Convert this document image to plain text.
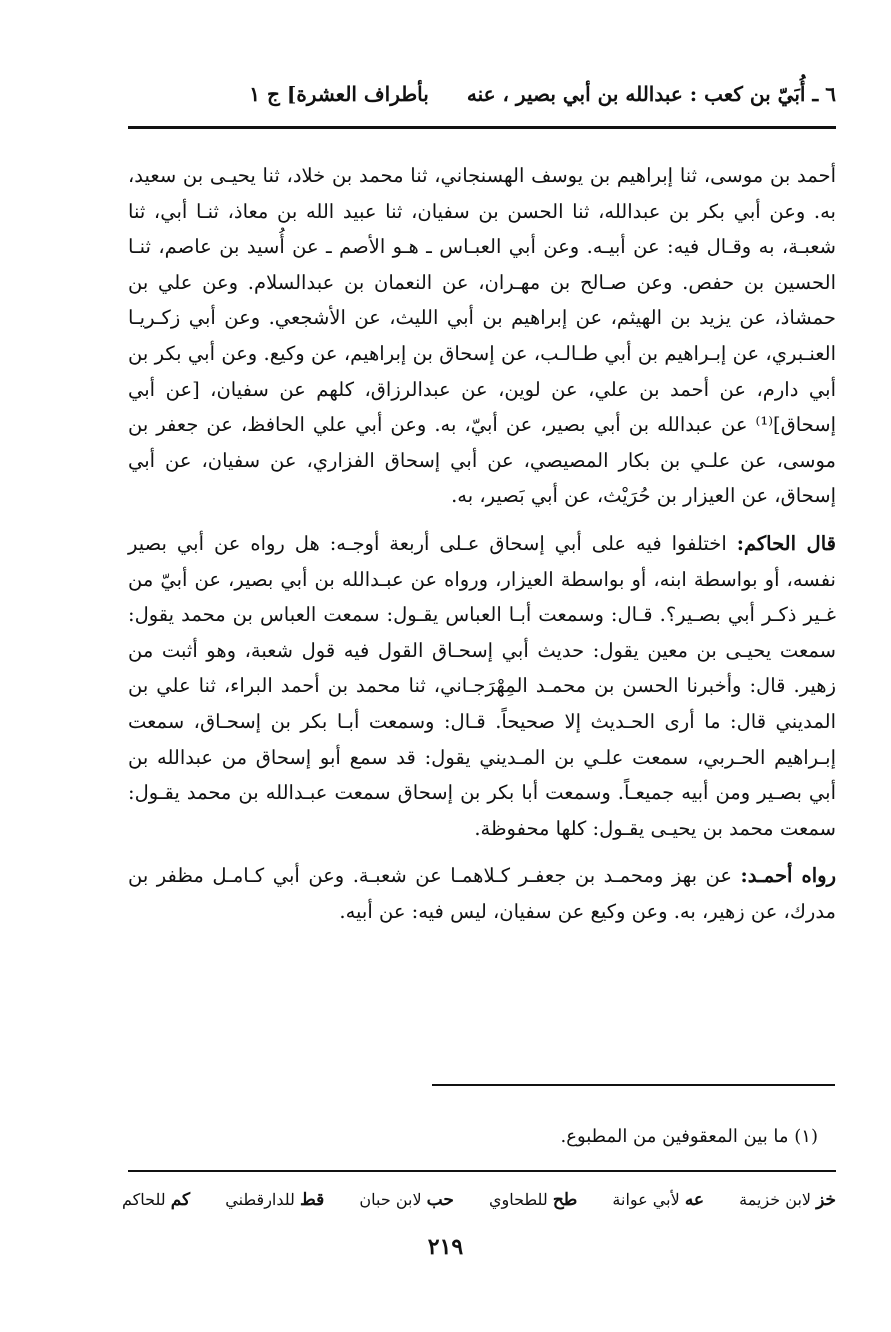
٦ ـ أُبَيّ بن كعب : عبدالله بن أبي بصير ، عنه
بأطراف العشرة] ج ١

أحمد بن موسى، ثنا إبراهيم بن يوسف الهسنجاني، ثنا محمد بن خلاد، ثنا يحيـى بن سعيد، به. وعن أبي بكر بن عبدالله، ثنا الحسن بن سفيان، ثنا عبيد الله بن معاذ، ثنـا أبي، ثنا شعبـة، به وقـال فيه: عن أبيـه. وعن أبي العبـاس ـ هـو الأصم ـ عن أُسيد بن عاصم، ثنـا الحسين بن حفص. وعن صـالح بن مهـران، عن النعمان بن عبدالسلام. وعن علي بن حمشاذ، عن يزيد بن الهيثم، عن إبراهيم بن أبي الليث، عن الأشجعي. وعن أبي زكـريـا العنـبري، عن إبـراهيم بن أبي طـالـب، عن إسحاق بن إبراهيم، عن وكيع. وعن أبي بكر بن أبي دارم، عن أحمد بن علي، عن لوين، عن عبدالرزاق، كلهم عن سفيان، [عن أبي إسحاق]⁽¹⁾ عن عبدالله بن أبي بصير، عن أبيّ، به. وعن أبي علي الحافظ، عن جعفر بن موسى، عن علـي بن بكار المصيصي، عن أبي إسحاق الفزاري، عن سفيان، عن أبي إسحاق، عن العيزار بن حُرَيْث، عن أبي بَصير، به.

قال الحاكم: اختلفوا فيه على أبي إسحاق عـلى أربعة أوجـه: هل رواه عن أبي بصير نفسه، أو بواسطة ابنه، أو بواسطة العيزار، ورواه عن عبـدالله بن أبي بصير، عن أبيّ من غـير ذكـر أبي بصـير؟. قـال: وسمعت أبـا العباس يقـول: سمعت العباس بن محمد يقول: سمعت يحيـى بن معين يقول: حديث أبي إسحـاق القول فيه قول شعبة، وهو أثبت من زهير. قال: وأخبرنا الحسن بن محمـد المِهْرَجـاني، ثنا محمد بن أحمد البراء، ثنا علي بن المديني قال: ما أرى الحـديث إلا صحيحاً. قـال: وسمعت أبـا بكر بن إسحـاق، سمعت إبـراهيم الحـربي، سمعت علـي بن المـديني يقول: قد سمع أبو إسحاق من عبدالله بن أبي بصـير ومن أبيه جميعـاً. وسمعت أبا بكر بن إسحاق سمعت عبـدالله بن محمد يقـول: سمعت محمد بن يحيـى يقـول: كلها محفوظة.

رواه أحمـد: عن بهز ومحمـد بن جعفـر كـلاهمـا عن شعبـة. وعن أبي كـامـل مظفر بن مدرك، عن زهير، به. وعن وكيع عن سفيان، ليس فيه: عن أبيه.

(١) ما بين المعقوفين من المطبوع.
خز لابن خزيمة
عه لأبي عوانة
طح للطحاوي
حب لابن حبان
قط للدارقطني
كم للحاكم
٢١٩
